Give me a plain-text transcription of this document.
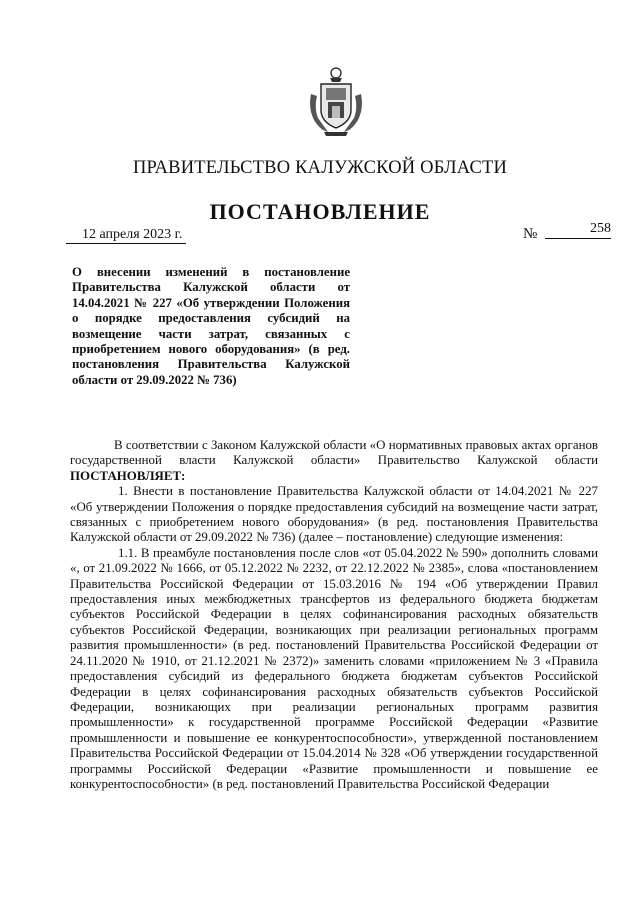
ПРАВИТЕЛЬСТВО КАЛУЖСКОЙ ОБЛАСТИ
ПОСТАНОВЛЕНИЕ
12 апреля 2023 г.	№	258
О внесении изменений в постановление Правительства Калужской области от 14.04.2021 № 227 «Об утверждении Положения о порядке предоставления субсидий на возмещение части затрат, связанных с приобретением нового оборудования» (в ред. постановления Правительства Калужской области от 29.09.2022 № 736)

В соответствии с Законом Калужской области «О нормативных правовых актах органов государственной власти Калужской области» Правительство Калужской области ПОСТАНОВЛЯЕТ:

1. Внести в постановление Правительства Калужской области от 14.04.2021 № 227 «Об утверждении Положения о порядке предоставления субсидий на возмещение части затрат, связанных с приобретением нового оборудования» (в ред. постановления Правительства Калужской области от 29.09.2022 № 736) (далее – постановление) следующие изменения:

1.1. В преамбуле постановления после слов «от 05.04.2022 № 590» дополнить словами «, от 21.09.2022 № 1666, от 05.12.2022 № 2232, от 22.12.2022 № 2385», слова «постановлением Правительства Российской Федерации от 15.03.2016 № 194 «Об утверждении Правил предоставления иных межбюджетных трансфертов из федерального бюджета бюджетам субъектов Российской Федерации в целях софинансирования расходных обязательств субъектов Российской Федерации, возникающих при реализации региональных программ развития промышленности» (в ред. постановлений Правительства Российской Федерации от 24.11.2020 № 1910, от 21.12.2021 № 2372)» заменить словами «приложением № 3 «Правила предоставления субсидий из федерального бюджета бюджетам субъектов Российской Федерации в целях софинансирования расходных обязательств субъектов Российской Федерации, возникающих при реализации региональных программ развития промышленности» к государственной программе Российской Федерации «Развитие промышленности и повышение ее конкурентоспособности», утвержденной постановлением Правительства Российской Федерации от 15.04.2014 № 328 «Об утверждении государственной программы Российской Федерации «Развитие промышленности и повышение ее конкурентоспособности» (в ред. постановлений Правительства Российской Федерации
